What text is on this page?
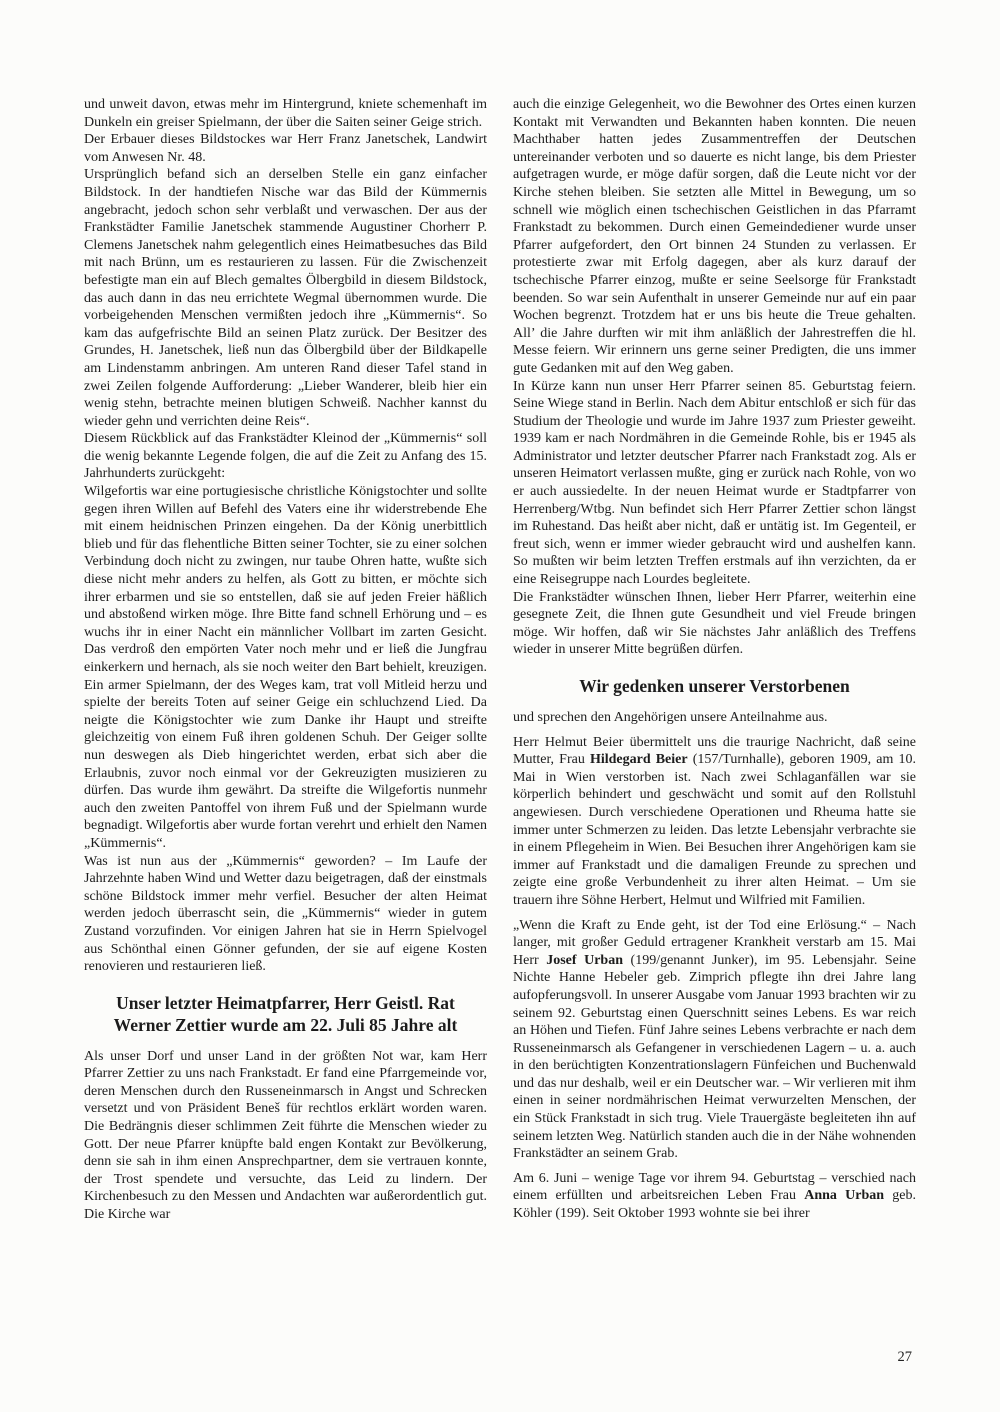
und unweit davon, etwas mehr im Hintergrund, kniete schemenhaft im Dunkeln ein greiser Spielmann, der über die Saiten seiner Geige strich.

Der Erbauer dieses Bildstockes war Herr Franz Janetschek, Landwirt vom Anwesen Nr. 48.

Ursprünglich befand sich an derselben Stelle ein ganz einfacher Bildstock. In der handtiefen Nische war das Bild der Kümmernis angebracht, jedoch schon sehr verblaßt und verwaschen. Der aus der Frankstädter Familie Janetschek stammende Augustiner Chorherr P. Clemens Janetschek nahm gelegentlich eines Heimatbesuches das Bild mit nach Brünn, um es restaurieren zu lassen. Für die Zwischenzeit befestigte man ein auf Blech gemaltes Ölbergbild in diesem Bildstock, das auch dann in das neu errichtete Wegmal übernommen wurde. Die vorbeigehenden Menschen vermißten jedoch ihre „Kümmernis“. So kam das aufgefrischte Bild an seinen Platz zurück. Der Besitzer des Grundes, H. Janetschek, ließ nun das Ölbergbild über der Bildkapelle am Lindenstamm anbringen. Am unteren Rand dieser Tafel stand in zwei Zeilen folgende Aufforderung: „Lieber Wanderer, bleib hier ein wenig stehn, betrachte meinen blutigen Schweiß. Nachher kannst du wieder gehn und verrichten deine Reis“.

Diesem Rückblick auf das Frankstädter Kleinod der „Kümmernis“ soll die wenig bekannte Legende folgen, die auf die Zeit zu Anfang des 15. Jahrhunderts zurückgeht:

Wilgefortis war eine portugiesische christliche Königstochter und sollte gegen ihren Willen auf Befehl des Vaters eine ihr widerstrebende Ehe mit einem heidnischen Prinzen eingehen. Da der König unerbittlich blieb und für das flehentliche Bitten seiner Tochter, sie zu einer solchen Verbindung doch nicht zu zwingen, nur taube Ohren hatte, wußte sich diese nicht mehr anders zu helfen, als Gott zu bitten, er möchte sich ihrer erbarmen und sie so entstellen, daß sie auf jeden Freier häßlich und abstoßend wirken möge. Ihre Bitte fand schnell Erhörung und – es wuchs ihr in einer Nacht ein männlicher Vollbart im zarten Gesicht. Das verdroß den empörten Vater noch mehr und er ließ die Jungfrau einkerkern und hernach, als sie noch weiter den Bart behielt, kreuzigen. Ein armer Spielmann, der des Weges kam, trat voll Mitleid herzu und spielte der bereits Toten auf seiner Geige ein schluchzend Lied. Da neigte die Königstochter wie zum Danke ihr Haupt und streifte gleichzeitig von einem Fuß ihren goldenen Schuh. Der Geiger sollte nun deswegen als Dieb hingerichtet werden, erbat sich aber die Erlaubnis, zuvor noch einmal vor der Gekreuzigten musizieren zu dürfen. Das wurde ihm gewährt. Da streifte die Wilgefortis nunmehr auch den zweiten Pantoffel von ihrem Fuß und der Spielmann wurde begnadigt. Wilgefortis aber wurde fortan verehrt und erhielt den Namen „Kümmernis“.

Was ist nun aus der „Kümmernis“ geworden? – Im Laufe der Jahrzehnte haben Wind und Wetter dazu beigetragen, daß der einstmals schöne Bildstock immer mehr verfiel. Besucher der alten Heimat werden jedoch überrascht sein, die „Kümmernis“ wieder in gutem Zustand vorzufinden. Vor einigen Jahren hat sie in Herrn Spielvogel aus Schönthal einen Gönner gefunden, der sie auf eigene Kosten renovieren und restaurieren ließ.

Unser letzter Heimatpfarrer, Herr Geistl. Rat Werner Zettier wurde am 22. Juli 85 Jahre alt

Als unser Dorf und unser Land in der größten Not war, kam Herr Pfarrer Zettier zu uns nach Frankstadt. Er fand eine Pfarrgemeinde vor, deren Menschen durch den Russeneinmarsch in Angst und Schrecken versetzt und von Präsident Beneš für rechtlos erklärt worden waren. Die Bedrängnis dieser schlimmen Zeit führte die Menschen wieder zu Gott. Der neue Pfarrer knüpfte bald engen Kontakt zur Bevölkerung, denn sie sah in ihm einen Ansprechpartner, dem sie vertrauen konnte, der Trost spendete und versuchte, das Leid zu lindern. Der Kirchenbesuch zu den Messen und Andachten war außerordentlich gut. Die Kirche war

auch die einzige Gelegenheit, wo die Bewohner des Ortes einen kurzen Kontakt mit Verwandten und Bekannten haben konnten. Die neuen Machthaber hatten jedes Zusammentreffen der Deutschen untereinander verboten und so dauerte es nicht lange, bis dem Priester aufgetragen wurde, er möge dafür sorgen, daß die Leute nicht vor der Kirche stehen bleiben. Sie setzten alle Mittel in Bewegung, um so schnell wie möglich einen tschechischen Geistlichen in das Pfarramt Frankstadt zu bekommen. Durch einen Gemeindediener wurde unser Pfarrer aufgefordert, den Ort binnen 24 Stunden zu verlassen. Er protestierte zwar mit Erfolg dagegen, aber als kurz darauf der tschechische Pfarrer einzog, mußte er seine Seelsorge für Frankstadt beenden. So war sein Aufenthalt in unserer Gemeinde nur auf ein paar Wochen begrenzt. Trotzdem hat er uns bis heute die Treue gehalten. All’ die Jahre durften wir mit ihm anläßlich der Jahrestreffen die hl. Messe feiern. Wir erinnern uns gerne seiner Predigten, die uns immer gute Gedanken mit auf den Weg gaben.

In Kürze kann nun unser Herr Pfarrer seinen 85. Geburtstag feiern. Seine Wiege stand in Berlin. Nach dem Abitur entschloß er sich für das Studium der Theologie und wurde im Jahre 1937 zum Priester geweiht. 1939 kam er nach Nordmähren in die Gemeinde Rohle, bis er 1945 als Administrator und letzter deutscher Pfarrer nach Frankstadt zog. Als er unseren Heimatort verlassen mußte, ging er zurück nach Rohle, von wo er auch aussiedelte. In der neuen Heimat wurde er Stadtpfarrer von Herrenberg/Wtbg. Nun befindet sich Herr Pfarrer Zettier schon längst im Ruhestand. Das heißt aber nicht, daß er untätig ist. Im Gegenteil, er freut sich, wenn er immer wieder gebraucht wird und aushelfen kann. So mußten wir beim letzten Treffen erstmals auf ihn verzichten, da er eine Reisegruppe nach Lourdes begleitete.

Die Frankstädter wünschen Ihnen, lieber Herr Pfarrer, weiterhin eine gesegnete Zeit, die Ihnen gute Gesundheit und viel Freude bringen möge. Wir hoffen, daß wir Sie nächstes Jahr anläßlich des Treffens wieder in unserer Mitte begrüßen dürfen.

Wir gedenken unserer Verstorbenen

und sprechen den Angehörigen unsere Anteilnahme aus.

Herr Helmut Beier übermittelt uns die traurige Nachricht, daß seine Mutter, Frau Hildegard Beier (157/Turnhalle), geboren 1909, am 10. Mai in Wien verstorben ist. Nach zwei Schlaganfällen war sie körperlich behindert und geschwächt und somit auf den Rollstuhl angewiesen. Durch verschiedene Operationen und Rheuma hatte sie immer unter Schmerzen zu leiden. Das letzte Lebensjahr verbrachte sie in einem Pflegeheim in Wien. Bei Besuchen ihrer Angehörigen kam sie immer auf Frankstadt und die damaligen Freunde zu sprechen und zeigte eine große Verbundenheit zu ihrer alten Heimat. – Um sie trauern ihre Söhne Herbert, Helmut und Wilfried mit Familien.

„Wenn die Kraft zu Ende geht, ist der Tod eine Erlösung.“ – Nach langer, mit großer Geduld ertragener Krankheit verstarb am 15. Mai Herr Josef Urban (199/genannt Junker), im 95. Lebensjahr. Seine Nichte Hanne Hebeler geb. Zimprich pflegte ihn drei Jahre lang aufopferungsvoll. In unserer Ausgabe vom Januar 1993 brachten wir zu seinem 92. Geburtstag einen Querschnitt seines Lebens. Es war reich an Höhen und Tiefen. Fünf Jahre seines Lebens verbrachte er nach dem Russeneinmarsch als Gefangener in verschiedenen Lagern – u. a. auch in den berüchtigten Konzentrationslagern Fünfeichen und Buchenwald und das nur deshalb, weil er ein Deutscher war. – Wir verlieren mit ihm einen in seiner nordmährischen Heimat verwurzelten Menschen, der ein Stück Frankstadt in sich trug. Viele Trauergäste begleiteten ihn auf seinem letzten Weg. Natürlich standen auch die in der Nähe wohnenden Frankstädter an seinem Grab.

Am 6. Juni – wenige Tage vor ihrem 94. Geburtstag – verschied nach einem erfüllten und arbeitsreichen Leben Frau Anna Urban geb. Köhler (199). Seit Oktober 1993 wohnte sie bei ihrer

27
